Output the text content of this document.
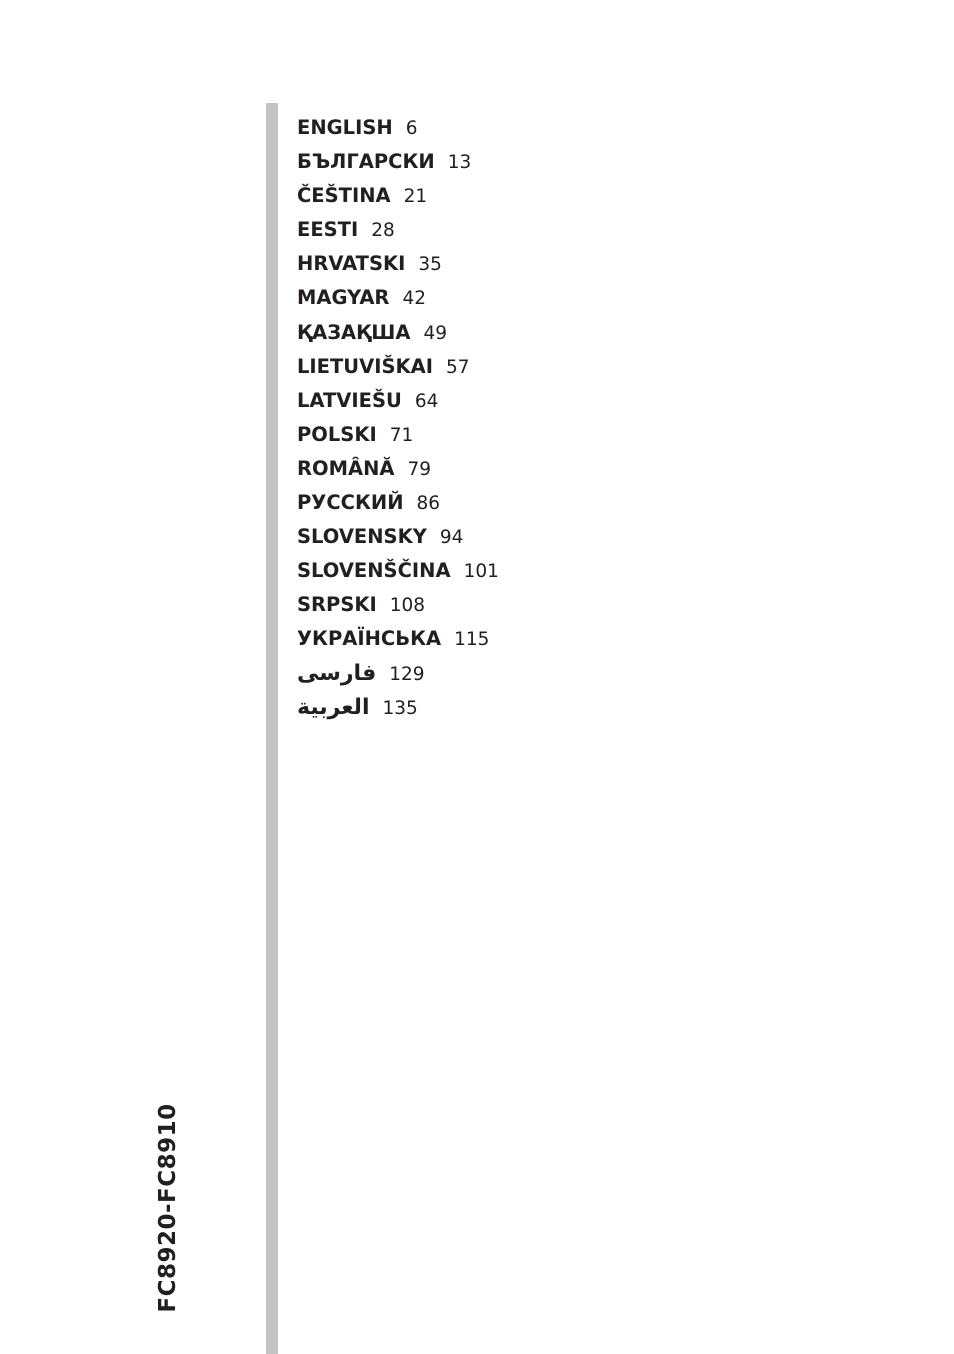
FC8920-FC8910
ENGLISH 6
БЪЛГАРСКИ 13
ČEŠTINA 21
EESTI 28
HRVATSKI 35
MAGYAR 42
ҚАЗАҚША 49
LIETUVIŠKAI 57
LATVIEŠU 64
POLSKI 71
ROMÂNĂ 79
РУССКИЙ 86
SLOVENSKY 94
SLOVENŠČINA 101
SRPSKI 108
УКРАЇНСЬКА 115
فارسی 129
العربية 135
